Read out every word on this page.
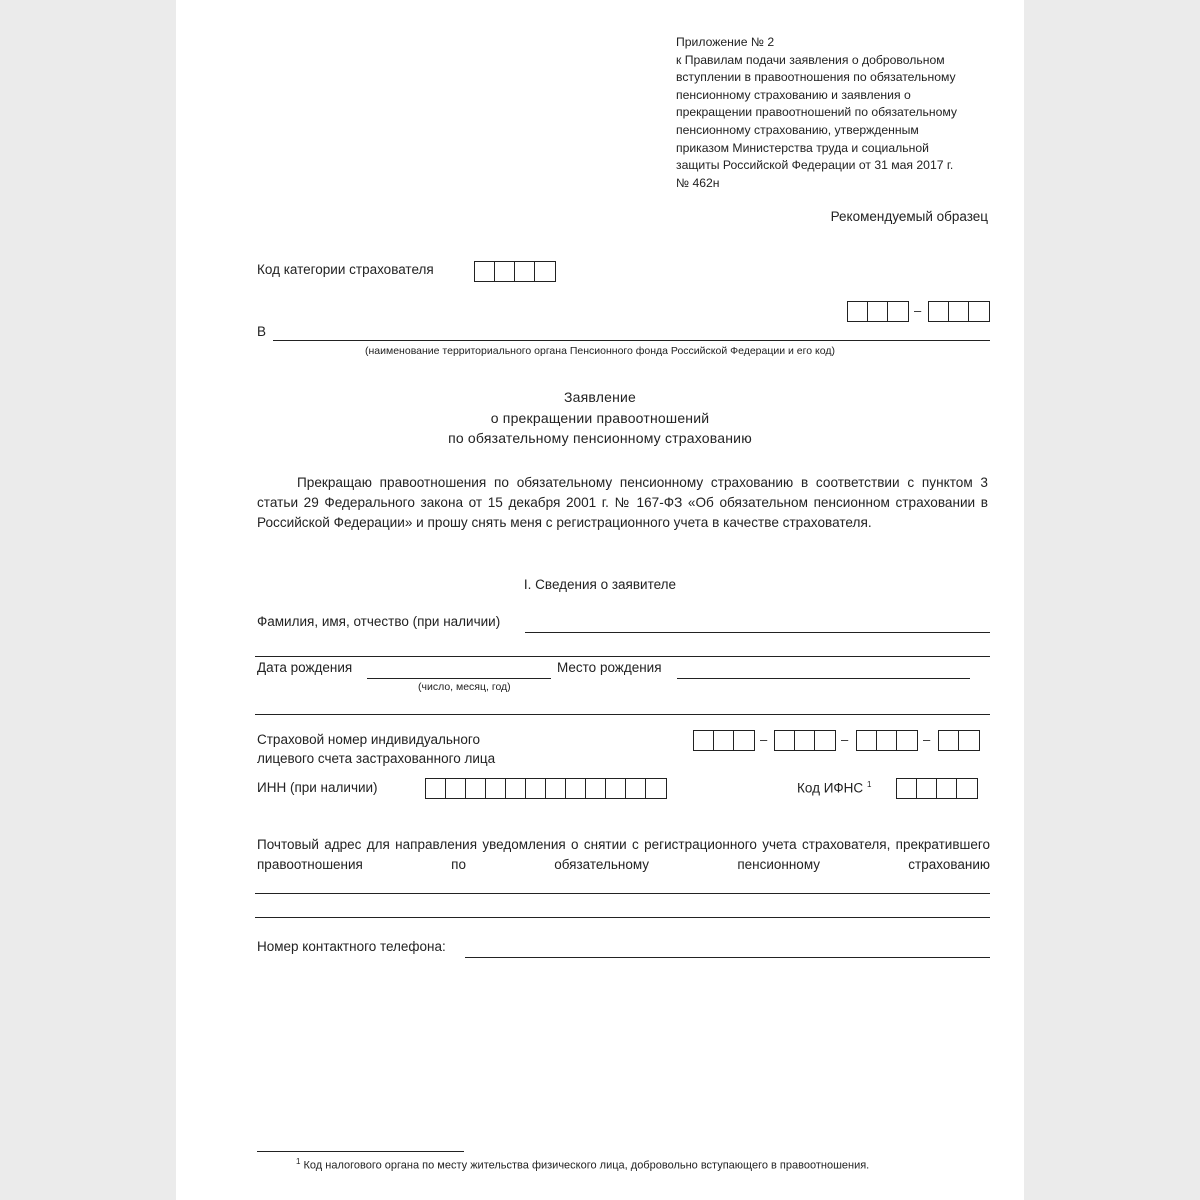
Приложение № 2
к Правилам подачи заявления о добровольном
вступлении в правоотношения по обязательному
пенсионному страхованию и заявления о
прекращении правоотношений по обязательному
пенсионному страхованию, утвержденным
приказом Министерства труда и социальной
защиты Российской Федерации от 31 мая 2017 г.
№ 462н
Рекомендуемый образец
Код категории страхователя
–
В
(наименование территориального органа Пенсионного фонда Российской Федерации и его код)
Заявление
о прекращении правоотношений
по обязательному пенсионному страхованию
Прекращаю правоотношения по обязательному пенсионному страхованию в соответствии с пунктом 3 статьи 29 Федерального закона от 15 декабря 2001 г. № 167-ФЗ «Об обязательном пенсионном страховании в Российской Федерации» и прошу снять меня с регистрационного учета в качестве страхователя.
I. Сведения о заявителе
Фамилия, имя, отчество (при наличии)
Дата рождения
(число, месяц, год)
Место рождения
Страховой номер индивидуального
лицевого счета застрахованного лица
–	–	–
ИНН (при наличии)	Код ИФНС $^1$
Почтовый адрес для направления уведомления о снятии с регистрационного учета страхователя, прекратившего правоотношения по обязательному пенсионному страхованию
Номер контактного телефона:
$^1$ Код налогового органа по месту жительства физического лица, добровольно вступающего в правоотношения.
